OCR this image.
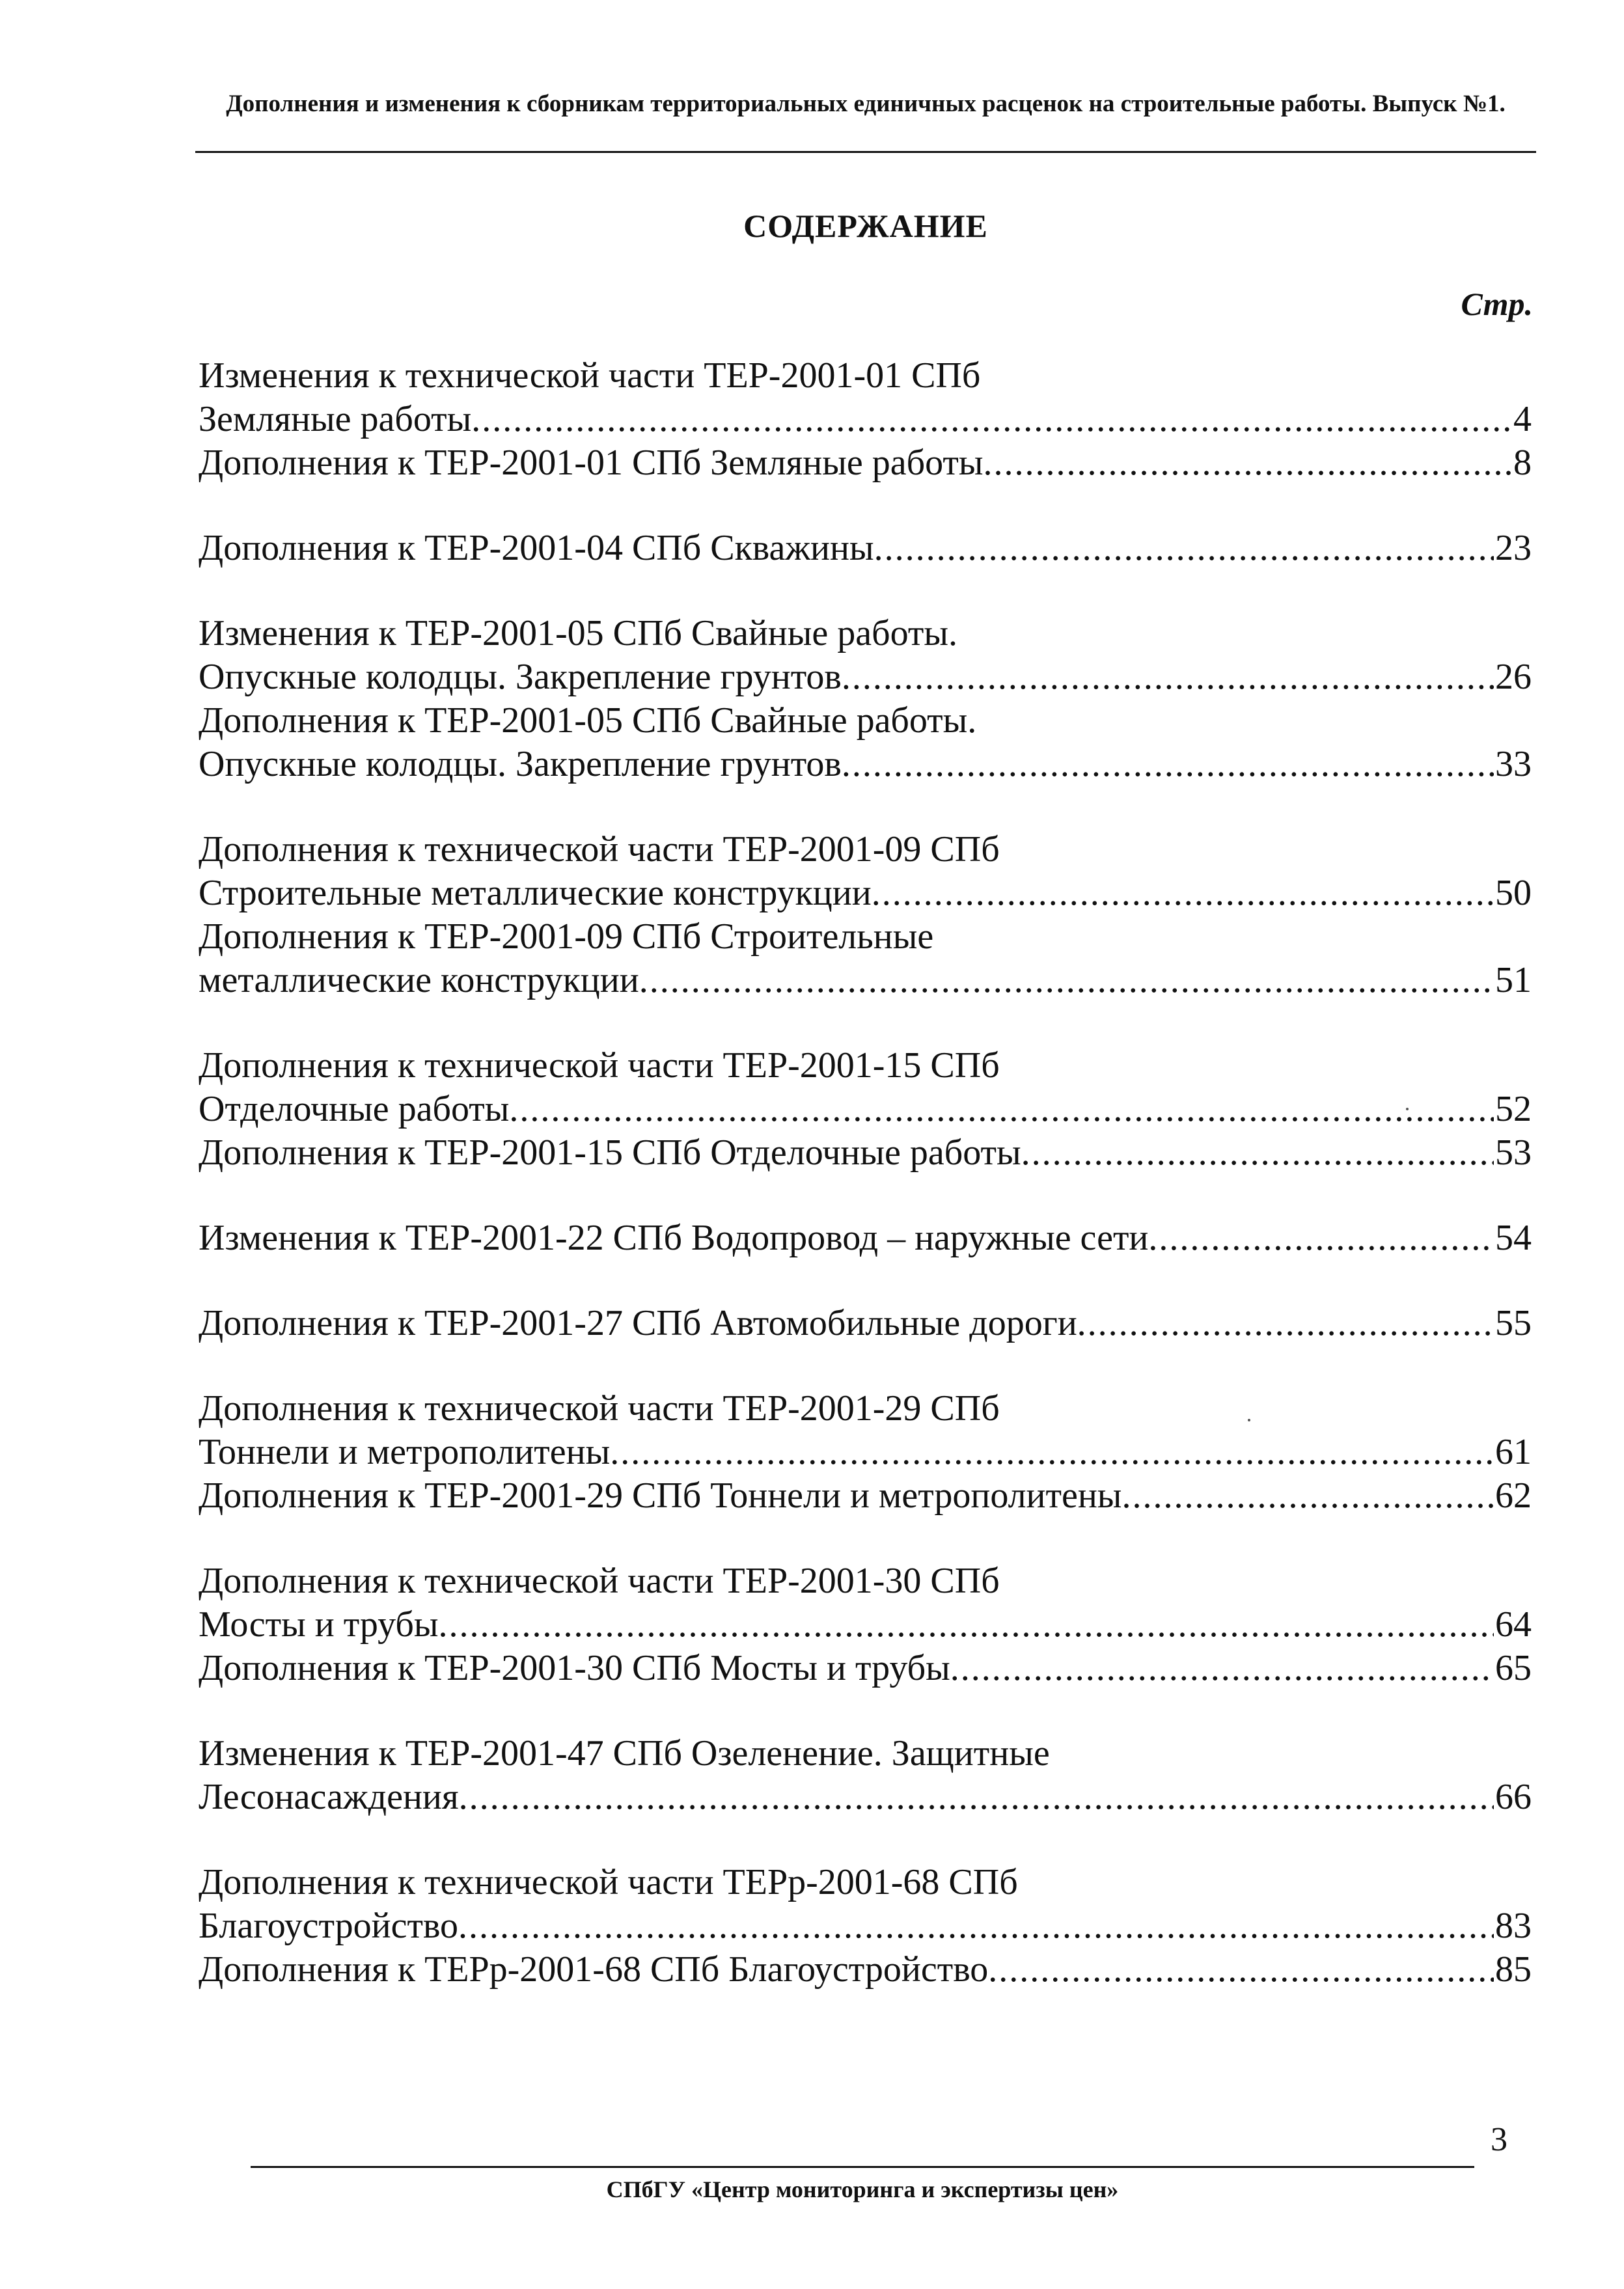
Дополнения и изменения к сборникам территориальных единичных расценок на строительные работы. Выпуск №1.
СОДЕРЖАНИЕ
Стр.
Изменения к технической части ТЕР-2001-01 СПб
Земляные работы .....	4
Дополнения к ТЕР-2001-01 СПб Земляные работы .....	8
Дополнения к ТЕР-2001-04 СПб Скважины .....	23
Изменения к ТЕР-2001-05 СПб Свайные работы.
Опускные колодцы. Закрепление грунтов .....	26
Дополнения к ТЕР-2001-05 СПб Свайные работы.
Опускные колодцы. Закрепление грунтов .....	33
Дополнения к технической части ТЕР-2001-09 СПб
Строительные металлические конструкции .....	50
Дополнения к ТЕР-2001-09 СПб Строительные
металлические конструкции .....	51
Дополнения к технической части ТЕР-2001-15 СПб
Отделочные работы .....	52
Дополнения к ТЕР-2001-15 СПб Отделочные работы .....	53
Изменения к ТЕР-2001-22 СПб Водопровод – наружные сети .....	54
Дополнения к ТЕР-2001-27 СПб Автомобильные дороги .....	55
Дополнения к технической части ТЕР-2001-29 СПб
Тоннели и метрополитены .....	61
Дополнения к ТЕР-2001-29 СПб Тоннели и метрополитены .....	62
Дополнения к технической части ТЕР-2001-30 СПб
Мосты и трубы .....	64
Дополнения к ТЕР-2001-30 СПб Мосты и трубы .....	65
Изменения к ТЕР-2001-47 СПб Озеленение. Защитные
Лесонасаждения .....	66
Дополнения к технической части ТЕРр-2001-68 СПб
Благоустройство .....	83
Дополнения к ТЕРр-2001-68 СПб Благоустройство .....	85
3
СПбГУ «Центр мониторинга и экспертизы цен»
